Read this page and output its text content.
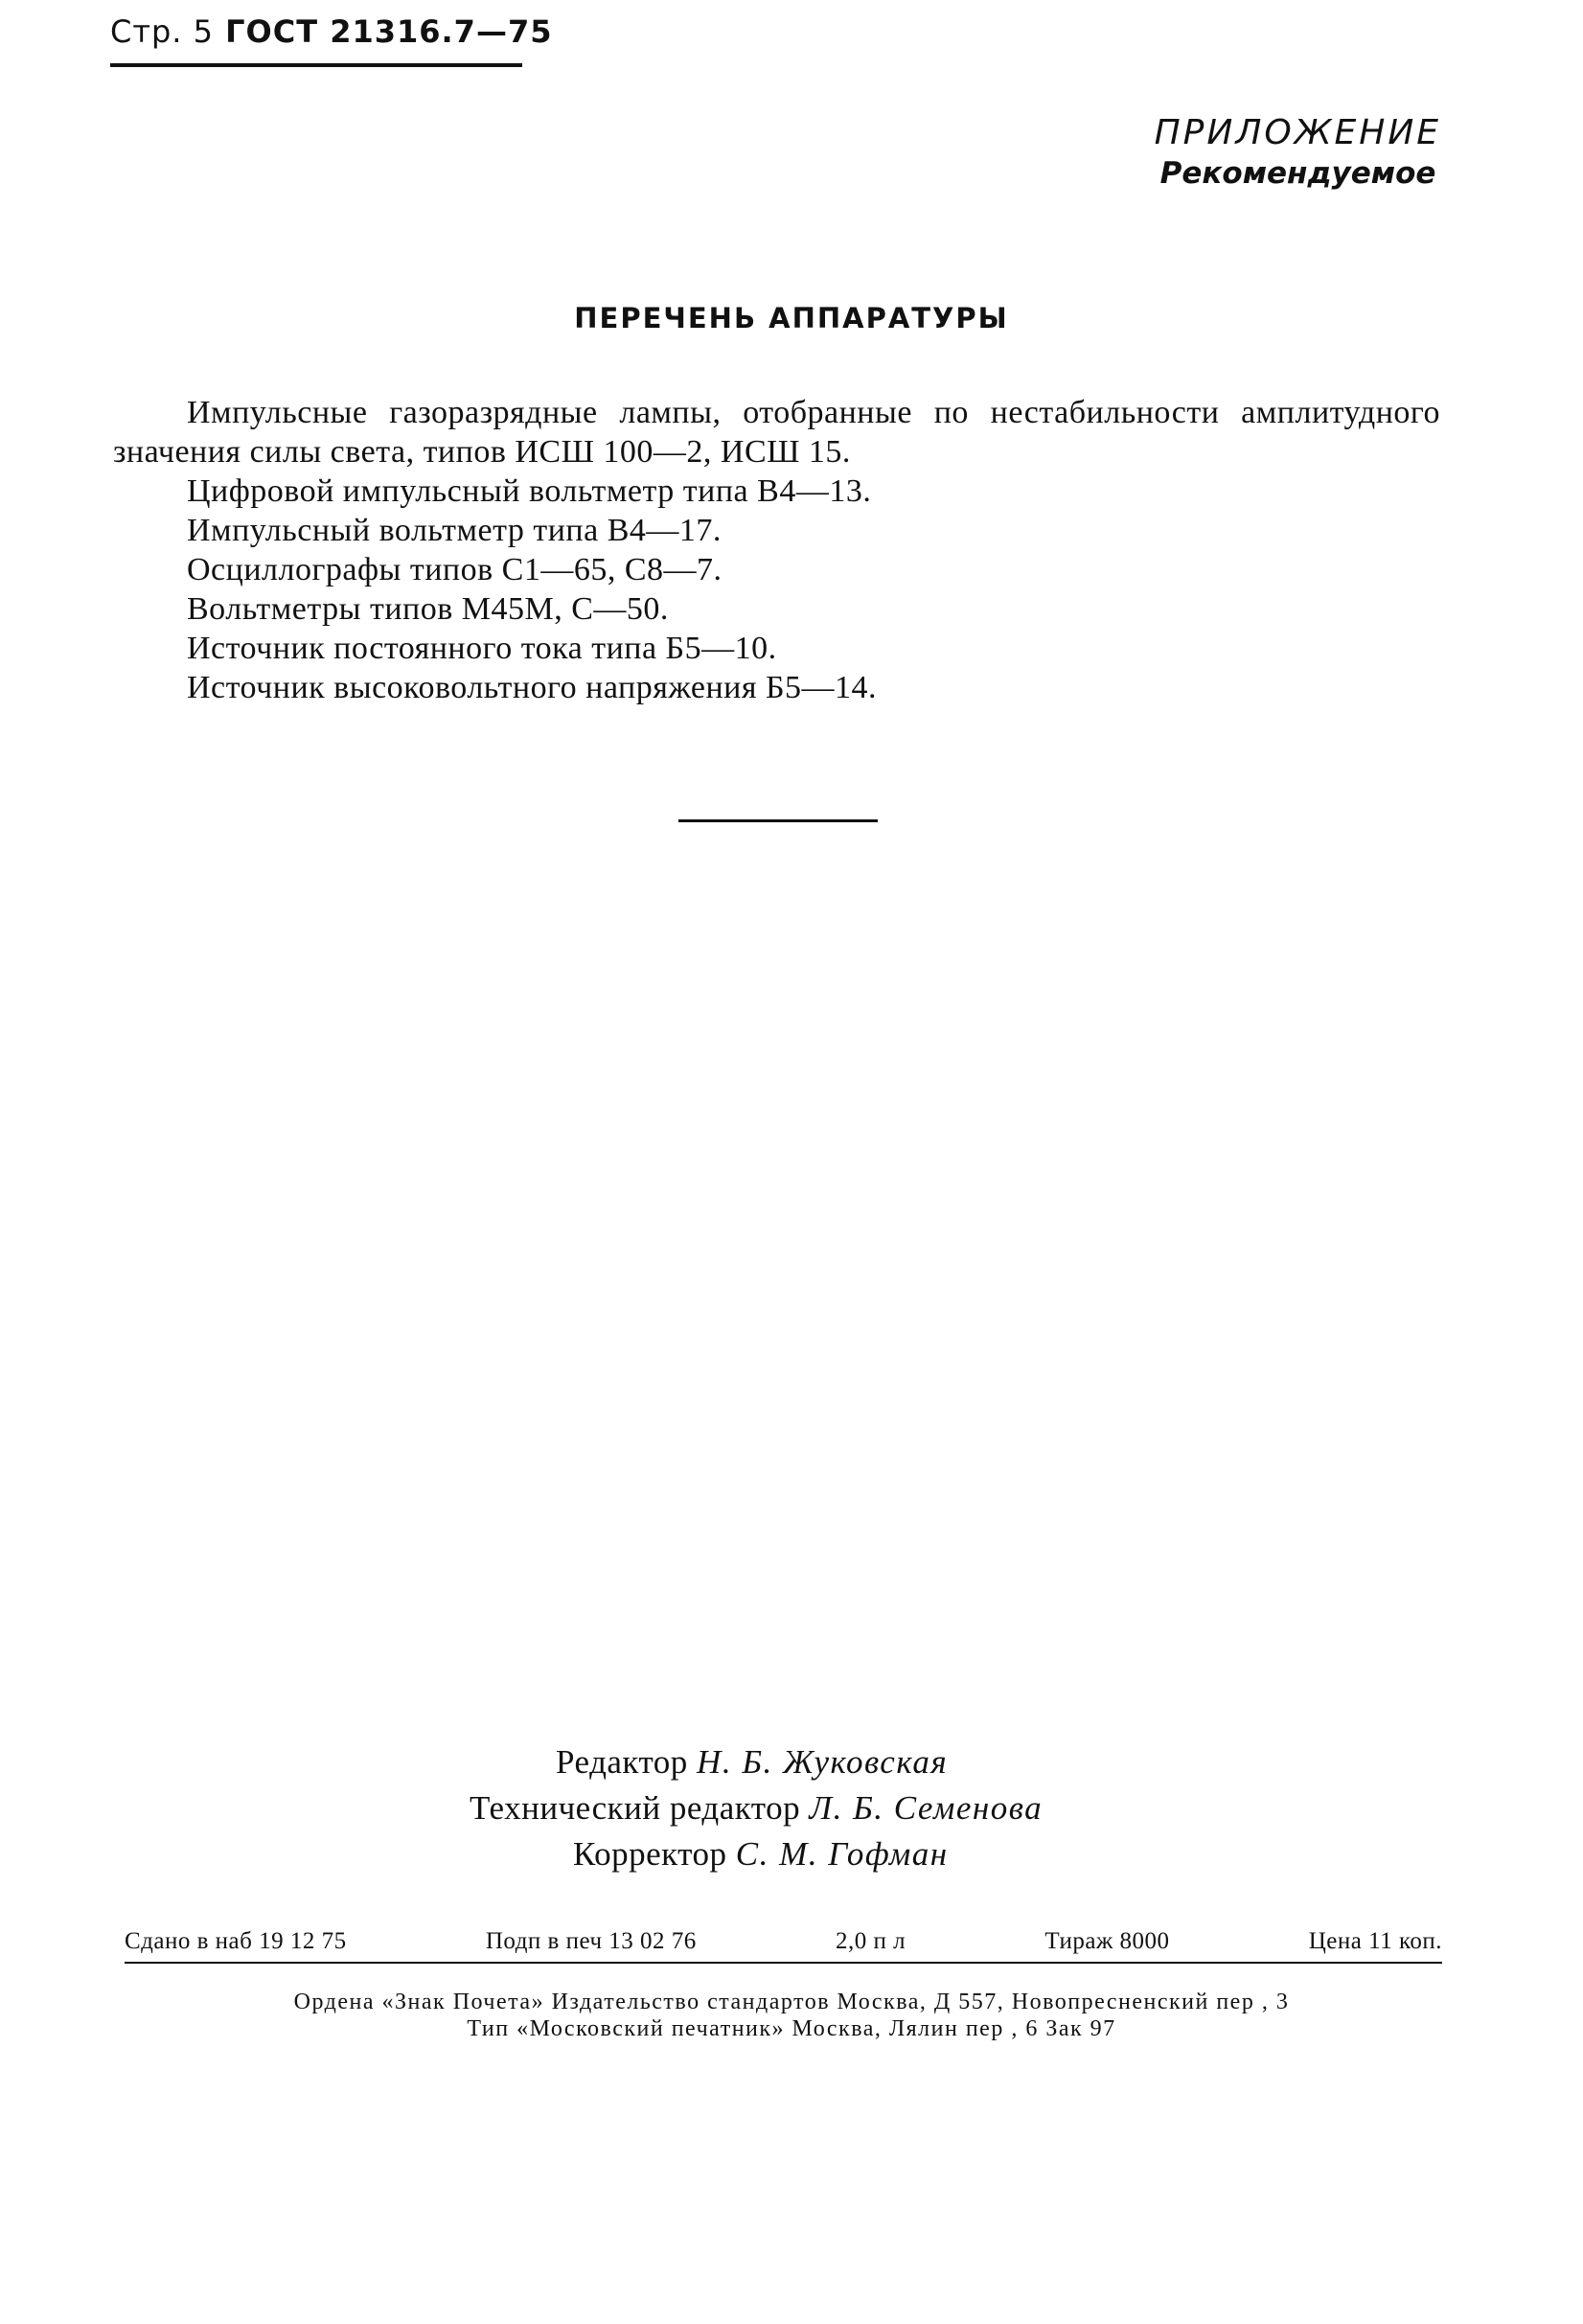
Стр. 5 ГОСТ 21316.7—75
ПРИЛОЖЕНИЕ
Рекомендуемое
ПЕРЕЧЕНЬ АППАРАТУРЫ

Импульсные газоразрядные лампы, отобранные по нестабильности амплитудного значения силы света, типов ИСШ 100—2, ИСШ 15.

Цифровой импульсный вольтметр типа В4—13.

Импульсный вольтметр типа В4—17.

Осциллографы типов С1—65, С8—7.

Вольтметры типов М45М, С—50.

Источник постоянного тока типа Б5—10.

Источник высоковольтного напряжения Б5—14.

Редактор Н. Б. Жуковская
Технический редактор Л. Б. Семенова
Корректор С. М. Гофман
Сдано в наб 19 12 75	Подп в печ 13 02 76	2,0 п л	Тираж 8000	Цена 11 коп.
Ордена «Знак Почета» Издательство стандартов Москва, Д 557, Новопресненский пер , 3
Тип «Московский печатник» Москва, Лялин пер , 6 Зак 97
